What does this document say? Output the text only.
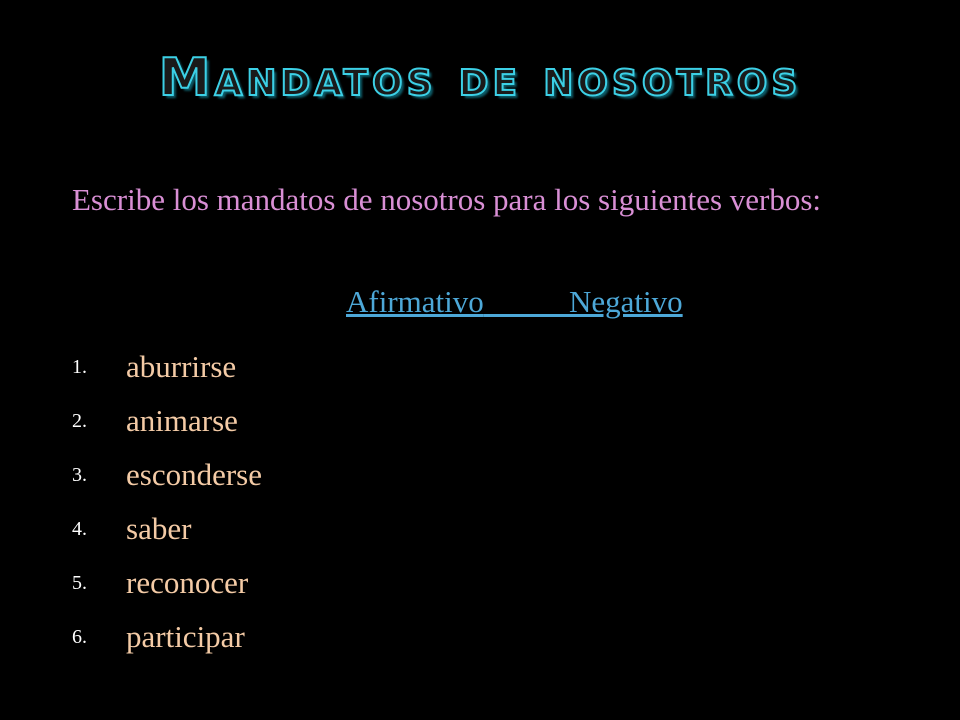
Mandatos de nosotros
Escribe los mandatos de nosotros para los siguientes verbos:
Afirmativo	Negativo
1.	aburrirse
2.	animarse
3.	esconderse
4.	saber
5.	reconocer
6.	participar
